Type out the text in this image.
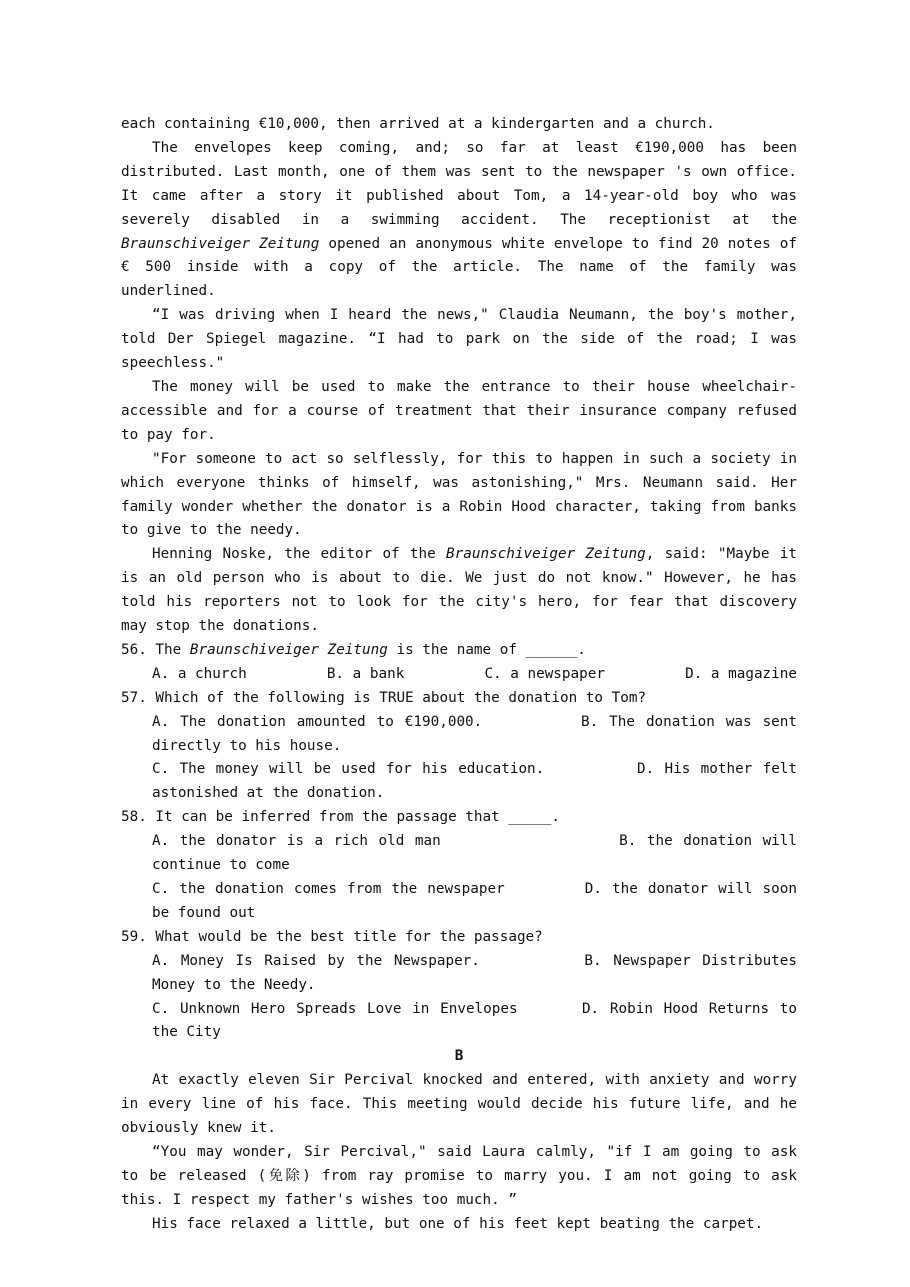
each containing €10,000, then arrived at a kindergarten and a church.

The envelopes keep coming, and; so far at least €190,000 has been distributed. Last month, one of them was sent to the newspaper 's own office. It came after a story it published about Tom, a 14-year-old boy who was severely disabled in a swimming accident. The receptionist at the Braunschiveiger Zeitung opened an anonymous white envelope to find 20 notes of € 500 inside with a copy of the article. The name of the family was underlined.

“I was driving when I heard the news," Claudia Neumann, the boy's mother, told Der Spiegel magazine. “I had to park on the side of the road; I was speechless."

The money will be used to make the entrance to their house wheelchair-accessible and for a course of treatment that their insurance company refused to pay for.

"For someone to act so selflessly, for this to happen in such a society in which everyone thinks of himself, was astonishing," Mrs. Neumann said. Her family wonder whether the donator is a Robin Hood character, taking from banks to give to the needy.

Henning Noske, the editor of the Braunschiveiger Zeitung, said: "Maybe it is an old person who is about to die. We just do not know." However, he has told his reporters not to look for the city's hero, for fear that discovery may stop the donations.

56. The Braunschiveiger Zeitung is the name of ______.

A. a church	B. a bank	C. a newspaper	D. a magazine

57. Which of the following is TRUE about the donation to Tom?

A. The donation amounted to €190,000.	B. The donation was sent directly to his house.

C. The money will be used for his education.	D. His mother felt astonished at the donation.

58. It can be inferred from the passage that _____.

A. the donator is a rich old man	B. the donation will continue to come

C. the donation comes from the newspaper	D. the donator will soon be found out

59. What would be the best title for the passage?

A. Money Is Raised by the Newspaper.	B. Newspaper Distributes Money to the Needy.

C. Unknown Hero Spreads Love in Envelopes	D. Robin Hood Returns to the City

B

At exactly eleven Sir Percival knocked and entered, with anxiety and worry in every line of his face. This meeting would decide his future life, and he obviously knew it.

“You may wonder, Sir Percival," said Laura calmly, "if I am going to ask to be released (免除) from ray promise to marry you. I am not going to ask this. I respect my father's wishes too much. ”

His face relaxed a little, but one of his feet kept beating the carpet.
